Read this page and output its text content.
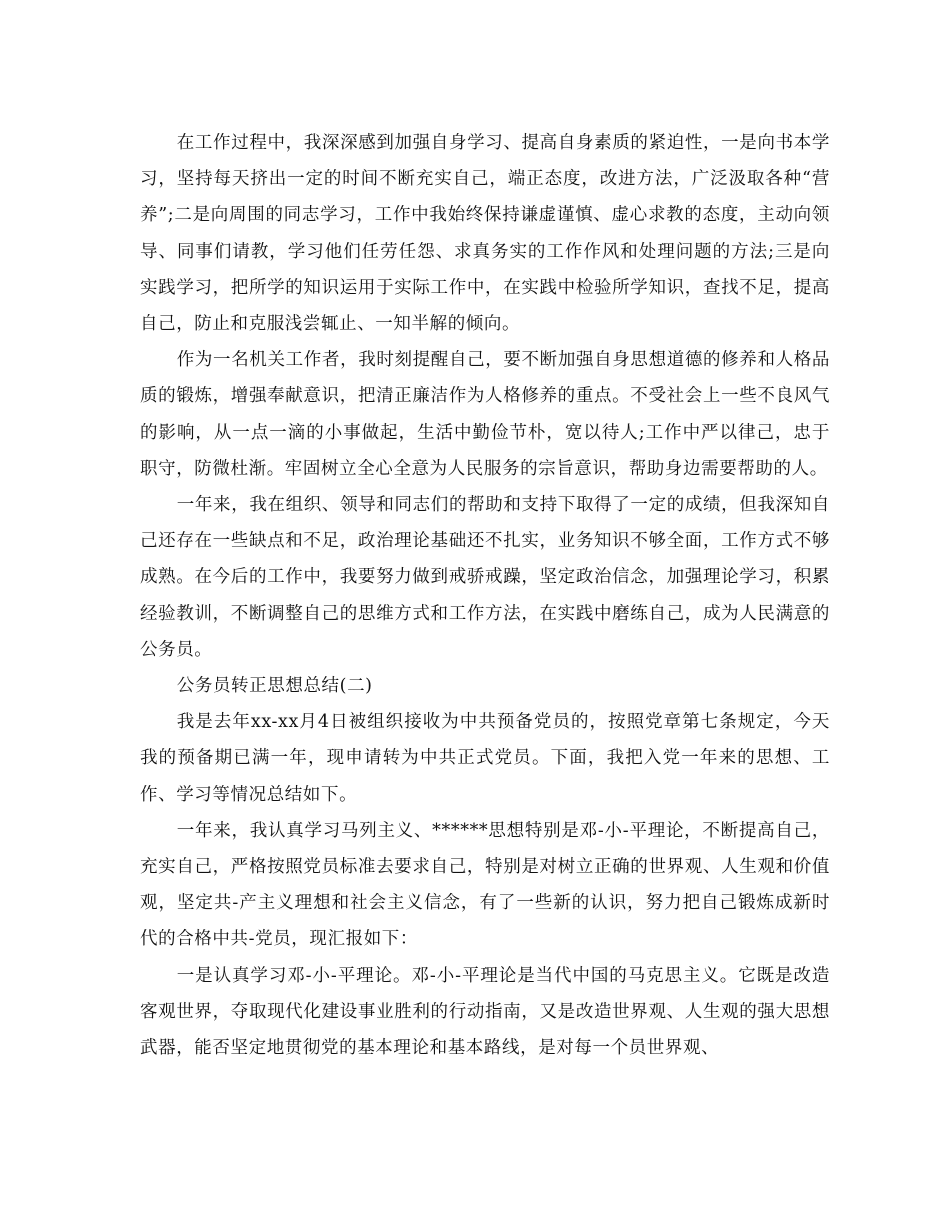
在工作过程中，我深深感到加强自身学习、提高自身素质的紧迫性，一是向书本学习，坚持每天挤出一定的时间不断充实自己，端正态度，改进方法，广泛汲取各种“营养”;二是向周围的同志学习，工作中我始终保持谦虚谨慎、虚心求教的态度，主动向领导、同事们请教，学习他们任劳任怨、求真务实的工作作风和处理问题的方法;三是向实践学习，把所学的知识运用于实际工作中，在实践中检验所学知识，查找不足，提高自己，防止和克服浅尝辄止、一知半解的倾向。

作为一名机关工作者，我时刻提醒自己，要不断加强自身思想道德的修养和人格品质的锻炼，增强奉献意识，把清正廉洁作为人格修养的重点。不受社会上一些不良风气的影响，从一点一滴的小事做起，生活中勤俭节朴，宽以待人;工作中严以律己，忠于职守，防微杜渐。牢固树立全心全意为人民服务的宗旨意识，帮助身边需要帮助的人。

一年来，我在组织、领导和同志们的帮助和支持下取得了一定的成绩，但我深知自己还存在一些缺点和不足，政治理论基础还不扎实，业务知识不够全面，工作方式不够成熟。在今后的工作中，我要努力做到戒骄戒躁，坚定政治信念，加强理论学习，积累经验教训，不断调整自己的思维方式和工作方法，在实践中磨练自己，成为人民满意的公务员。

公务员转正思想总结(二)

我是去年xx-xx月4日被组织接收为中共预备党员的，按照党章第七条规定，今天我的预备期已满一年，现申请转为中共正式党员。下面，我把入党一年来的思想、工作、学习等情况总结如下。

一年来，我认真学习马列主义、******思想特别是邓-小-平理论，不断提高自己，充实自己，严格按照党员标准去要求自己，特别是对树立正确的世界观、人生观和价值观，坚定共-产主义理想和社会主义信念，有了一些新的认识，努力把自己锻炼成新时代的合格中共-党员，现汇报如下：

一是认真学习邓-小-平理论。邓-小-平理论是当代中国的马克思主义。它既是改造客观世界，夺取现代化建设事业胜利的行动指南，又是改造世界观、人生观的强大思想武器，能否坚定地贯彻党的基本理论和基本路线，是对每一个员世界观、
